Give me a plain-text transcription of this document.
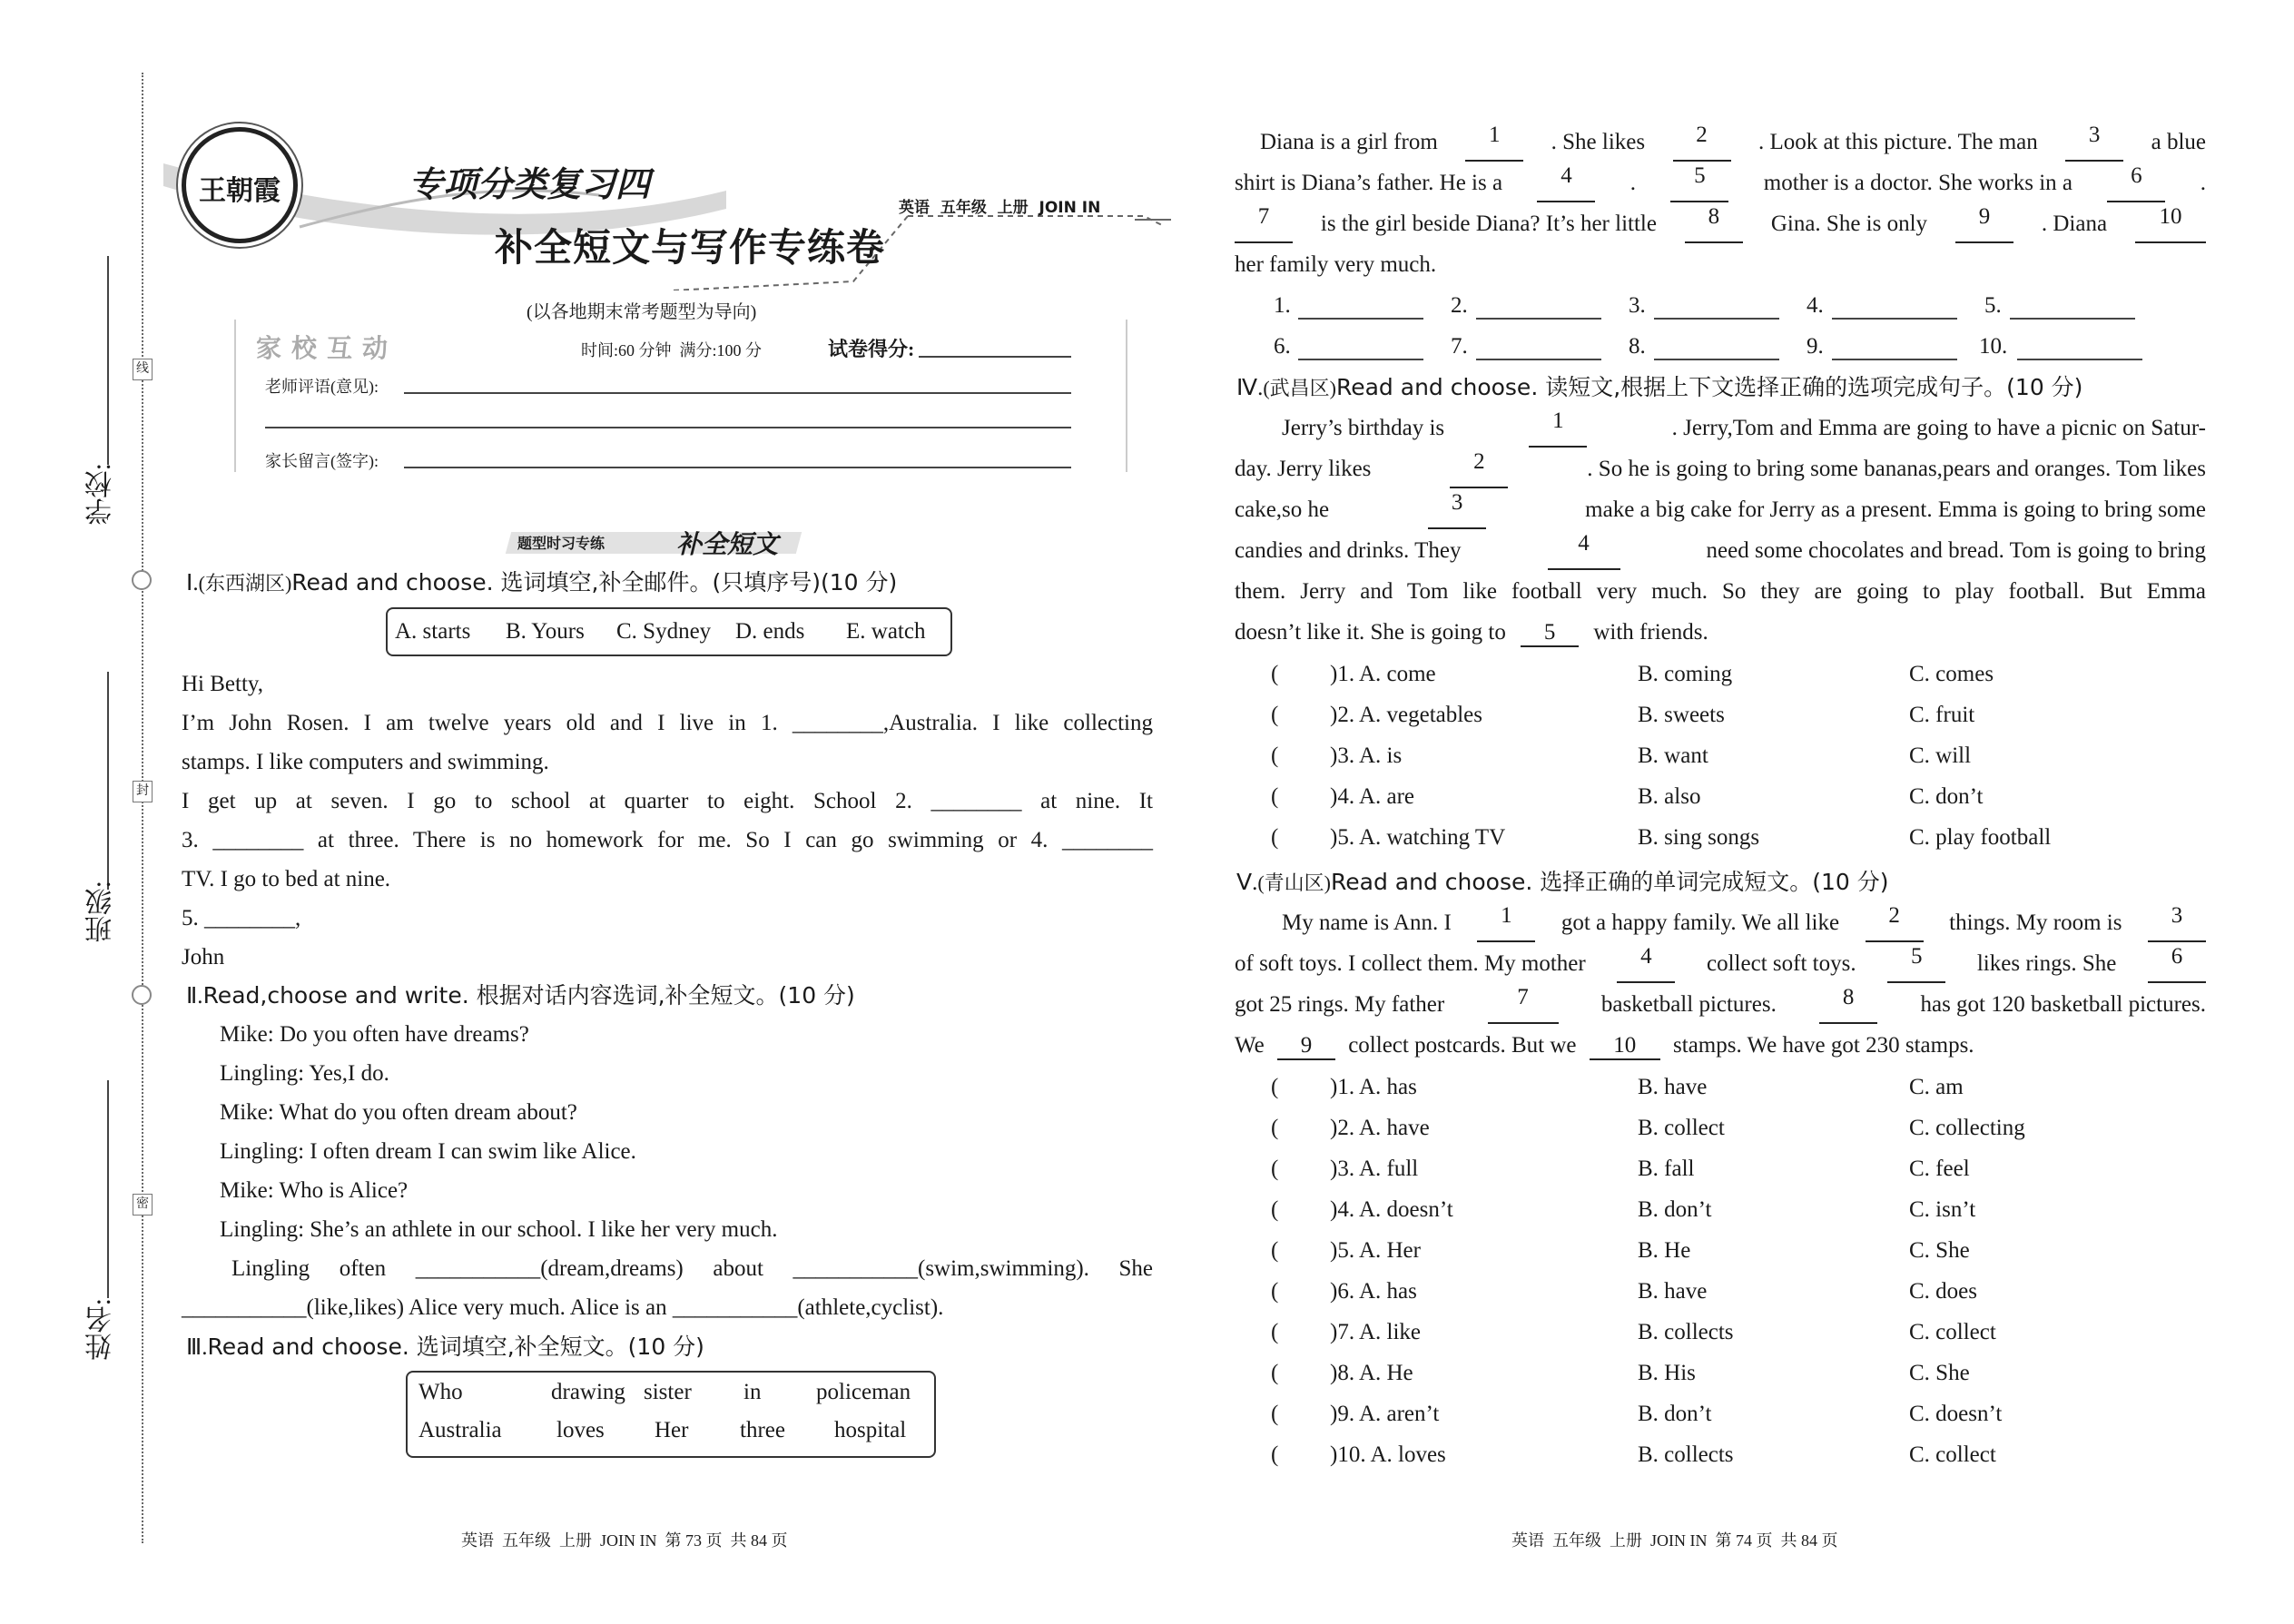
学校:
班级:
姓名:
线
封
密
王朝霞	专项分类复习四
英语  五年级  上册  JOIN IN
补全短文与写作专练卷
(以各地期末常考题型为导向)
家 校 互 动	时间:60 分钟  满分:100 分	试卷得分:
老师评语(意见):
家长留言(签字):
题型时习专练	补全短文
Ⅰ.(东西湖区)Read and choose. 选词填空,补全邮件。(只填序号)(10 分)
A. starts B. Yours C. Sydney D. ends E. watch
Hi Betty,
I’m John Rosen. I am twelve years old and I live in 1. ________,Australia. I like collecting
stamps. I like computers and swimming.
I get up at seven. I go to school at quarter to eight. School 2. ________ at nine. It
3. ________ at three. There is no homework for me. So I can go swimming or 4. ________
TV. I go to bed at nine.
5. ________,
John
Ⅱ.Read,choose and write. 根据对话内容选词,补全短文。(10 分)
Mike: Do you often have dreams?
Lingling: Yes,I do.
Mike: What do you often dream about?
Lingling: I often dream I can swim like Alice.
Mike: Who is Alice?
Lingling: She’s an athlete in our school. I like her very much.
Lingling often ___________(dream,dreams) about ___________(swim,swimming). She
___________(like,likes) Alice very much. Alice is an ___________(athlete,cyclist).
Ⅲ.Read and choose. 选词填空,补全短文。(10 分)
Who	drawing sister in policeman
Australia loves Her three hospital
Diana is a girl from	1	. She likes	2	. Look at this picture. The man	3	a blue
shirt is Diana’s father. He is a	4	.	5	mother is a doctor. She works in a	6	.
7	is the girl beside Diana? It’s her little	8	Gina. She is only	9	. Diana	10
her family very much.
1.	2.	3.	4.	5.
6.	7.	8.	9.	10.
Ⅳ.(武昌区)Read and choose. 读短文,根据上下文选择正确的选项完成句子。(10 分)
Jerry’s birthday is	1	. Jerry,Tom and Emma are going to have a picnic on Satur-
day. Jerry likes	2	. So he is going to bring some bananas,pears and oranges. Tom likes
cake,so he	3	make a big cake for Jerry as a present. Emma is going to bring some
candies and drinks. They	4	need some chocolates and bread. Tom is going to bring
them. Jerry and Tom like football very much. So they are going to play football. But Emma
doesn’t like it. She is going to 5 with friends.
( )1. A. come	B. coming	C. comes
( )2. A. vegetables	B. sweets	C. fruit
( )3. A. is	B. want	C. will
( )4. A. are	B. also	C. don’t
( )5. A. watching TV	B. sing songs	C. play football
Ⅴ.(青山区)Read and choose. 选择正确的单词完成短文。(10 分)
My name is Ann. I	1	got a happy family. We all like	2	things. My room is	3
of soft toys. I collect them. My mother	4	collect soft toys.	5	likes rings. She	6
got 25 rings. My father	7	basketball pictures.	8	has got 120 basketball pictures.
We 9 collect postcards. But we 10 stamps. We have got 230 stamps.
( )1. A. has	B. have	C. am
( )2. A. have	B. collect	C. collecting
( )3. A. full	B. fall	C. feel
( )4. A. doesn’t	B. don’t	C. isn’t
( )5. A. Her	B. He	C. She
( )6. A. has	B. have	C. does
( )7. A. like	B. collects	C. collect
( )8. A. He	B. His	C. She
( )9. A. aren’t	B. don’t	C. doesn’t
( )10. A. loves	B. collects	C. collect
英语  五年级  上册  JOIN IN  第 73 页  共 84 页	英语  五年级  上册  JOIN IN  第 74 页  共 84 页
